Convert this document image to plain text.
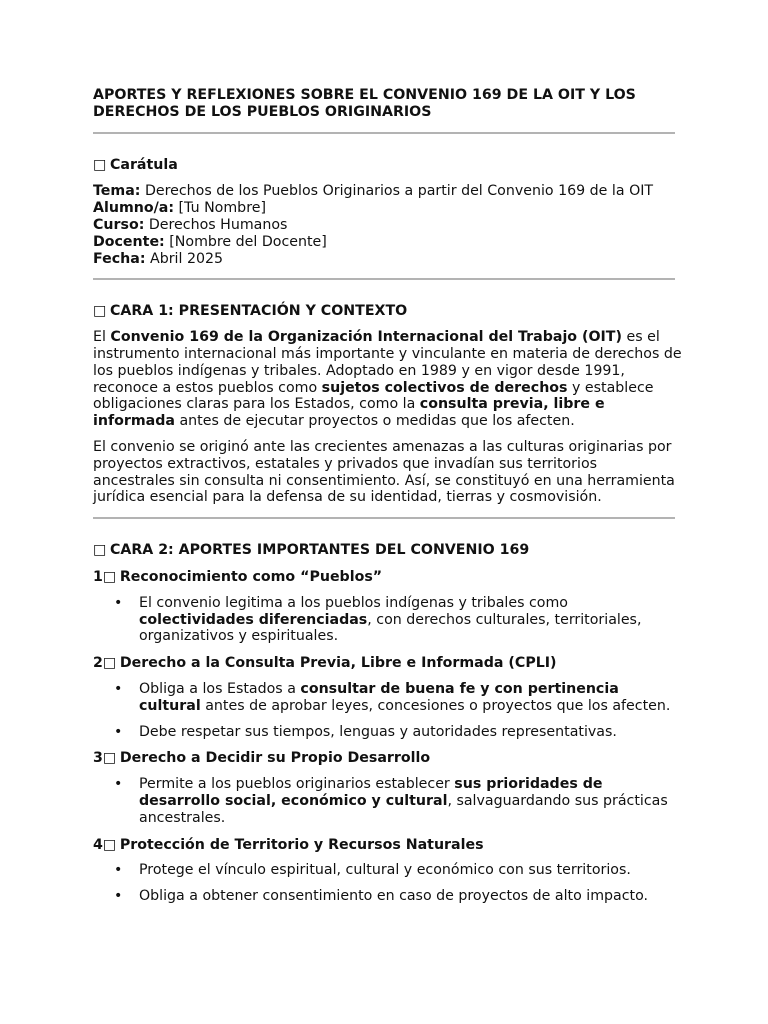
APORTES Y REFLEXIONES SOBRE EL CONVENIO 169 DE LA OIT Y LOS DERECHOS DE LOS PUEBLOS ORIGINARIOS
□ Carátula
Tema: Derechos de los Pueblos Originarios a partir del Convenio 169 de la OIT
Alumno/a: [Tu Nombre]
Curso: Derechos Humanos
Docente: [Nombre del Docente]
Fecha: Abril 2025
□ CARA 1: PRESENTACIÓN Y CONTEXTO

El Convenio 169 de la Organización Internacional del Trabajo (OIT) es el instrumento internacional más importante y vinculante en materia de derechos de los pueblos indígenas y tribales. Adoptado en 1989 y en vigor desde 1991, reconoce a estos pueblos como sujetos colectivos de derechos y establece obligaciones claras para los Estados, como la consulta previa, libre e informada antes de ejecutar proyectos o medidas que los afecten.

El convenio se originó ante las crecientes amenazas a las culturas originarias por proyectos extractivos, estatales y privados que invadían sus territorios ancestrales sin consulta ni consentimiento. Así, se constituyó en una herramienta jurídica esencial para la defensa de su identidad, tierras y cosmovisión.

□ CARA 2: APORTES IMPORTANTES DEL CONVENIO 169
1□ Reconocimiento como “Pueblos”
• El convenio legitima a los pueblos indígenas y tribales como colectividades diferenciadas, con derechos culturales, territoriales, organizativos y espirituales.
2□ Derecho a la Consulta Previa, Libre e Informada (CPLI)
• Obliga a los Estados a consultar de buena fe y con pertinencia cultural antes de aprobar leyes, concesiones o proyectos que los afecten.
• Debe respetar sus tiempos, lenguas y autoridades representativas.
3□ Derecho a Decidir su Propio Desarrollo
• Permite a los pueblos originarios establecer sus prioridades de desarrollo social, económico y cultural, salvaguardando sus prácticas ancestrales.
4□ Protección de Territorio y Recursos Naturales
• Protege el vínculo espiritual, cultural y económico con sus territorios.
• Obliga a obtener consentimiento en caso de proyectos de alto impacto.
